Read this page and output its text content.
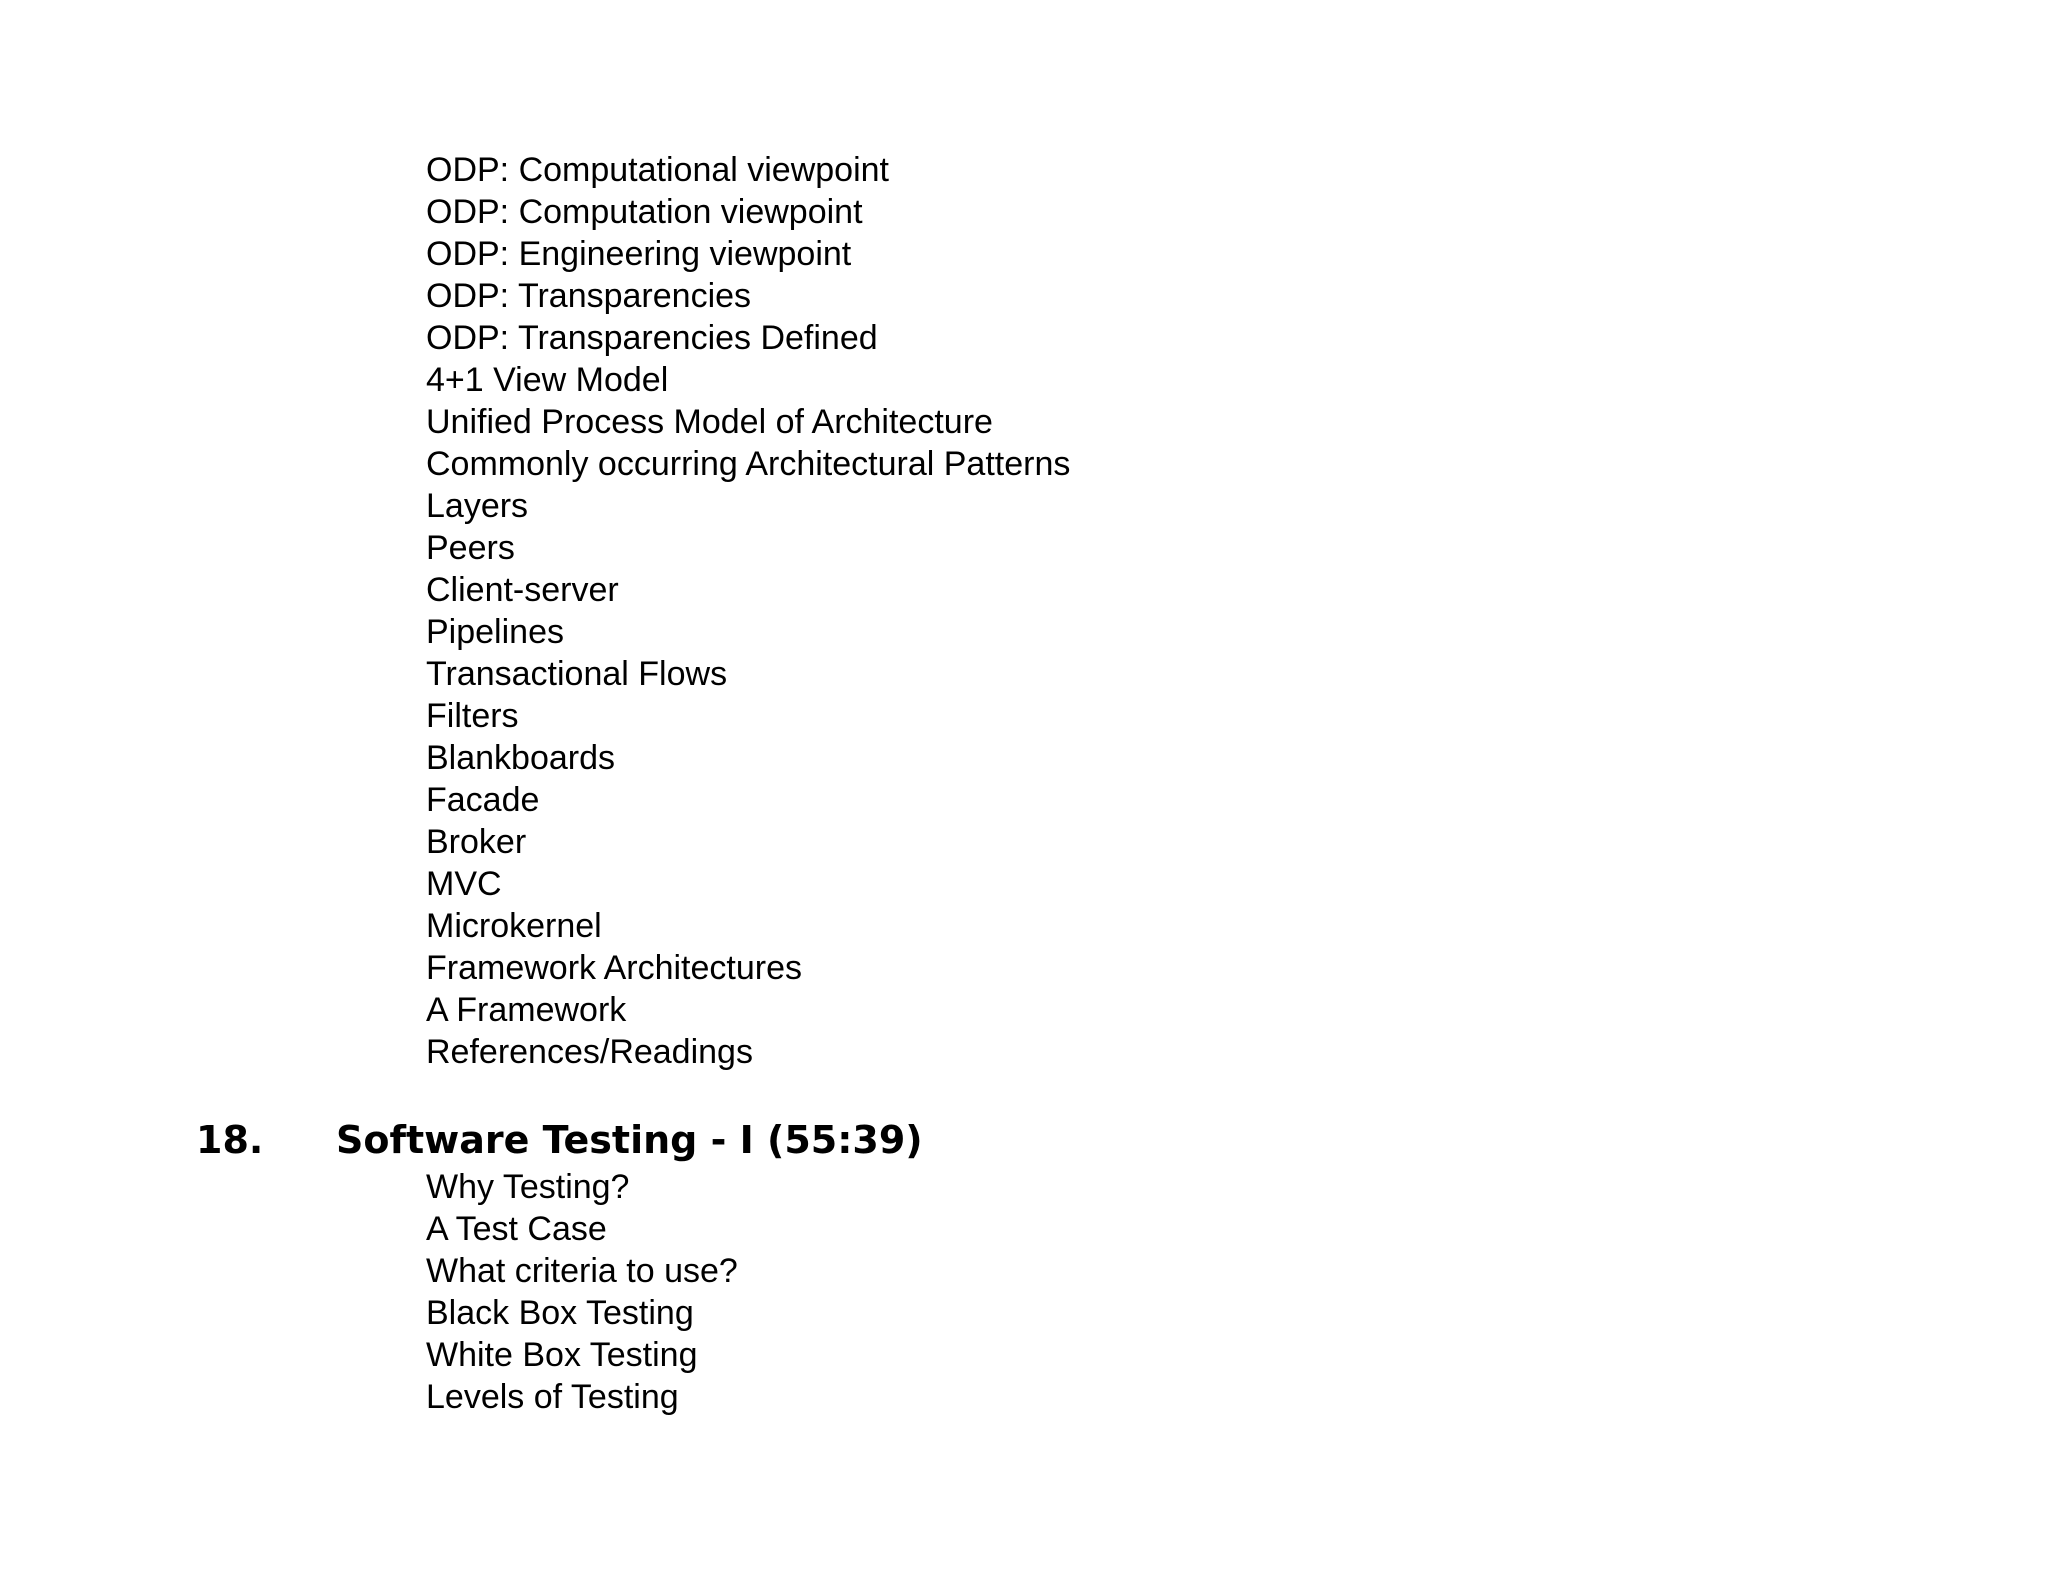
ODP: Computational viewpoint
ODP: Computation viewpoint
ODP: Engineering viewpoint
ODP: Transparencies
ODP: Transparencies Defined
4+1 View Model
Unified Process Model of Architecture
Commonly occurring Architectural Patterns
Layers
Peers
Client-server
Pipelines
Transactional Flows
Filters
Blankboards
Facade
Broker
MVC
Microkernel
Framework Architectures
A Framework
References/Readings
18. Software Testing - I (55:39)
Why Testing?
A Test Case
What criteria to use?
Black Box Testing
White Box Testing
Levels of Testing
